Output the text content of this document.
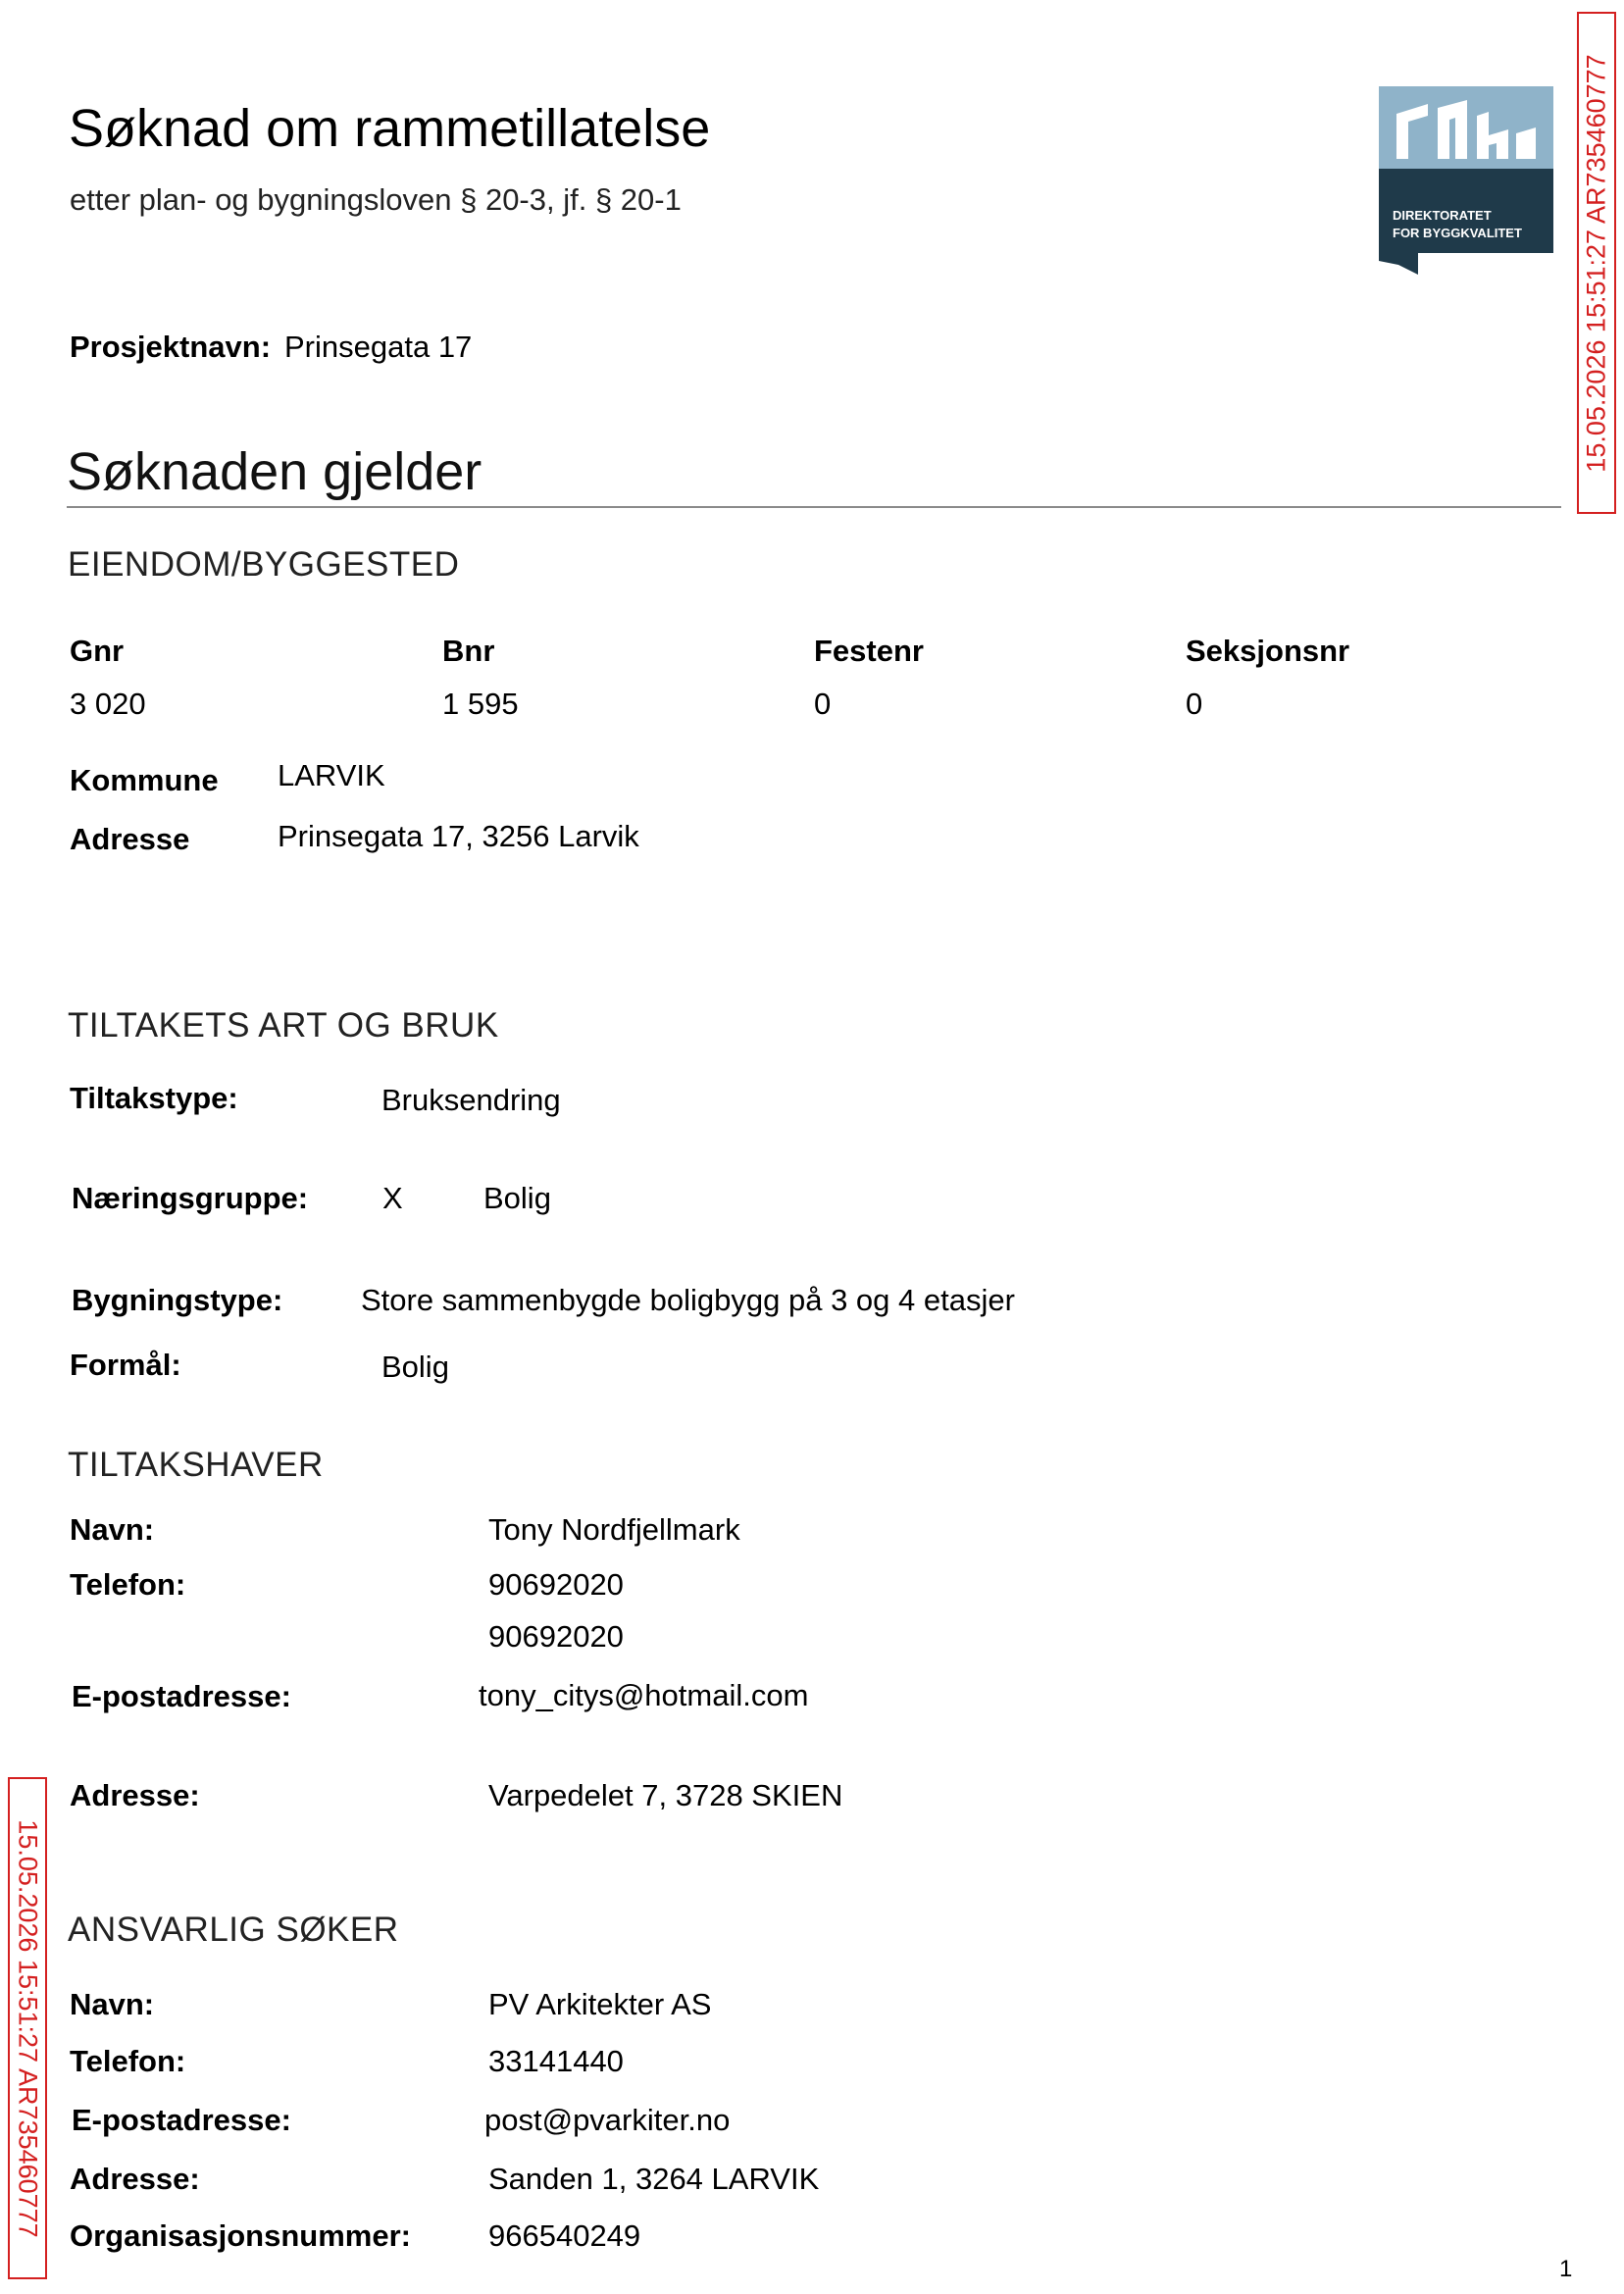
Søknad om rammetillatelse
etter plan- og bygningsloven § 20-3, jf. § 20-1	DIREKTORATET
FOR BYGGKVALITET 15.05.2026 15:51:27 AR735460777
15.05.2026 15:51:27 AR735460777
Prosjektnavn: Prinsegata 17
Søknaden gjelder
EIENDOM/BYGGESTED
Gnr	Bnr	Festenr	Seksjonsnr
3 020	1 595	0	0
Kommune LARVIK
Adresse	Prinsegata 17, 3256 Larvik
TILTAKETS ART OG BRUK
Tiltakstype:	Bruksendring
Næringsgruppe: X	Bolig
Bygningstype:	Store sammenbygde boligbygg på 3 og 4 etasjer
Formål:	Bolig
TILTAKSHAVER
Navn:	Tony Nordfjellmark
Telefon:	90692020
90692020
E-postadresse:	tony_citys@hotmail.com
Adresse:	Varpedelet 7, 3728 SKIEN
ANSVARLIG SØKER
Navn:	PV Arkitekter AS
Telefon:	33141440
E-postadresse:	post@pvarkiter.no
Adresse:	Sanden 1, 3264 LARVIK
Organisasjonsnummer:	966540249
1
